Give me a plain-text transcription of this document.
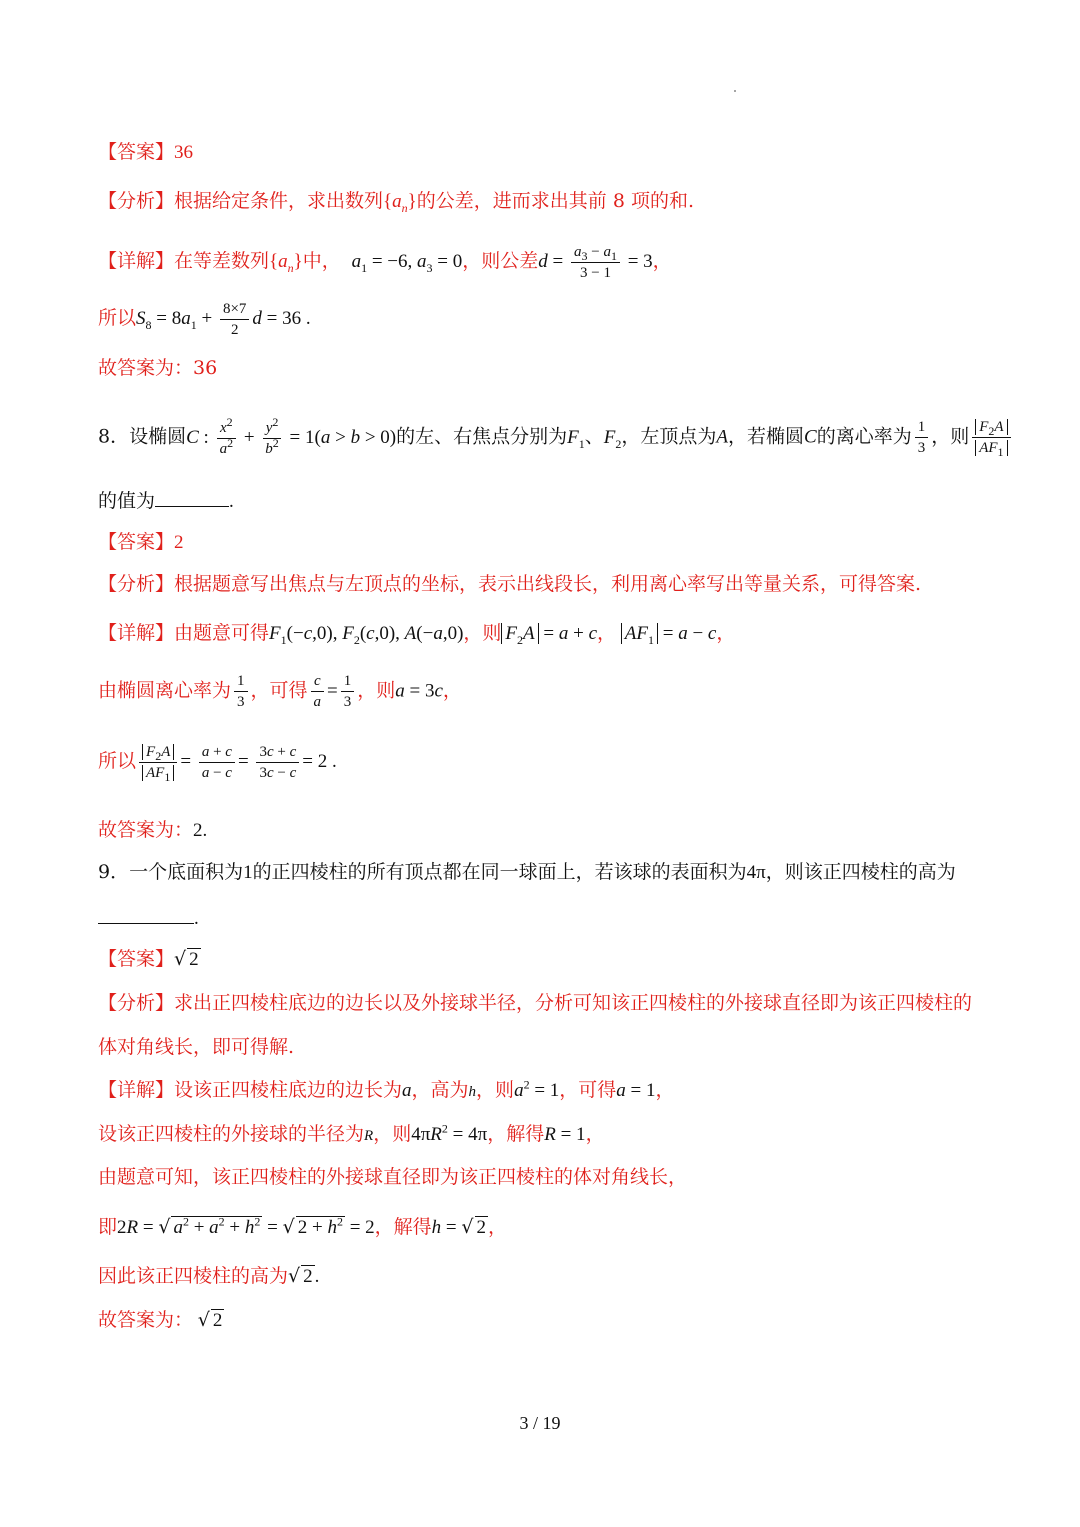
【答案】36
【分析】根据给定条件，求出数列$\{a_n\}$的公差，进而求出其前 8 项的和.
【详解】在等差数列$\{a_n\}$中， $a_1 = -6$, $a_3 = 0$，则公差$d = \frac{a_3 - a_1}{3 - 1} = 3$，
所以$S_8 = 8a_1 + \frac{8\times 7}{2}$ d = 36 .
故答案为：36
8．设椭圆C : $\frac{x^2}{a^2} + \frac{y^2}{b^2} = 1(a > b > 0)$的左、右焦点分别为$F_1$、$F_2$，左顶点为A，若椭圆C的离心率为 $\frac{1}{3}$ ，则 $\frac{F_2A}{AF_1}$
的值为	.
【答案】2
【分析】根据题意写出焦点与左顶点的坐标，表示出线段长，利用离心率写出等量关系，可得答案.
【详解】由题意可得$F_1(-c,0)$, $F_2(c,0)$, A(−a,0)，则 $F_2A = a + c$， $AF_1 = a - c$，
由椭圆离心率为 $\frac{1}{3}$ ，可得 $\frac{c}{a} = \frac{1}{3}$ ，则a = 3c，
所以 $\frac{F_2A}{AF_1} = \frac{a + c}{a - c} = \frac{3c + c}{3c - c} = 2$ .
故答案为：2.
9．一个底面积为1的正四棱柱的所有顶点都在同一球面上，若该球的表面积为4π，则该正四棱柱的高为
.
【答案】√ 2
【分析】求出正四棱柱底边的边长以及外接球半径，分析可知该正四棱柱的外接球直径即为该正四棱柱的
体对角线长，即可得解.
【详解】设该正四棱柱底边的边长为a，高为h，则$a^2 = 1$，可得a = 1，
设该正四棱柱的外接球的半径为R，则$4\pi R^2 = 4\pi$，解得R = 1，
由题意可知，该正四棱柱的外接球直径即为该正四棱柱的体对角线长，
即2R = √ $a^2 + a^2 + h^2$ = √ $2 + h^2 = 2$，解得h = √ 2 ，
因此该正四棱柱的高为√ 2 .
故答案为： √ 2
3 / 19
